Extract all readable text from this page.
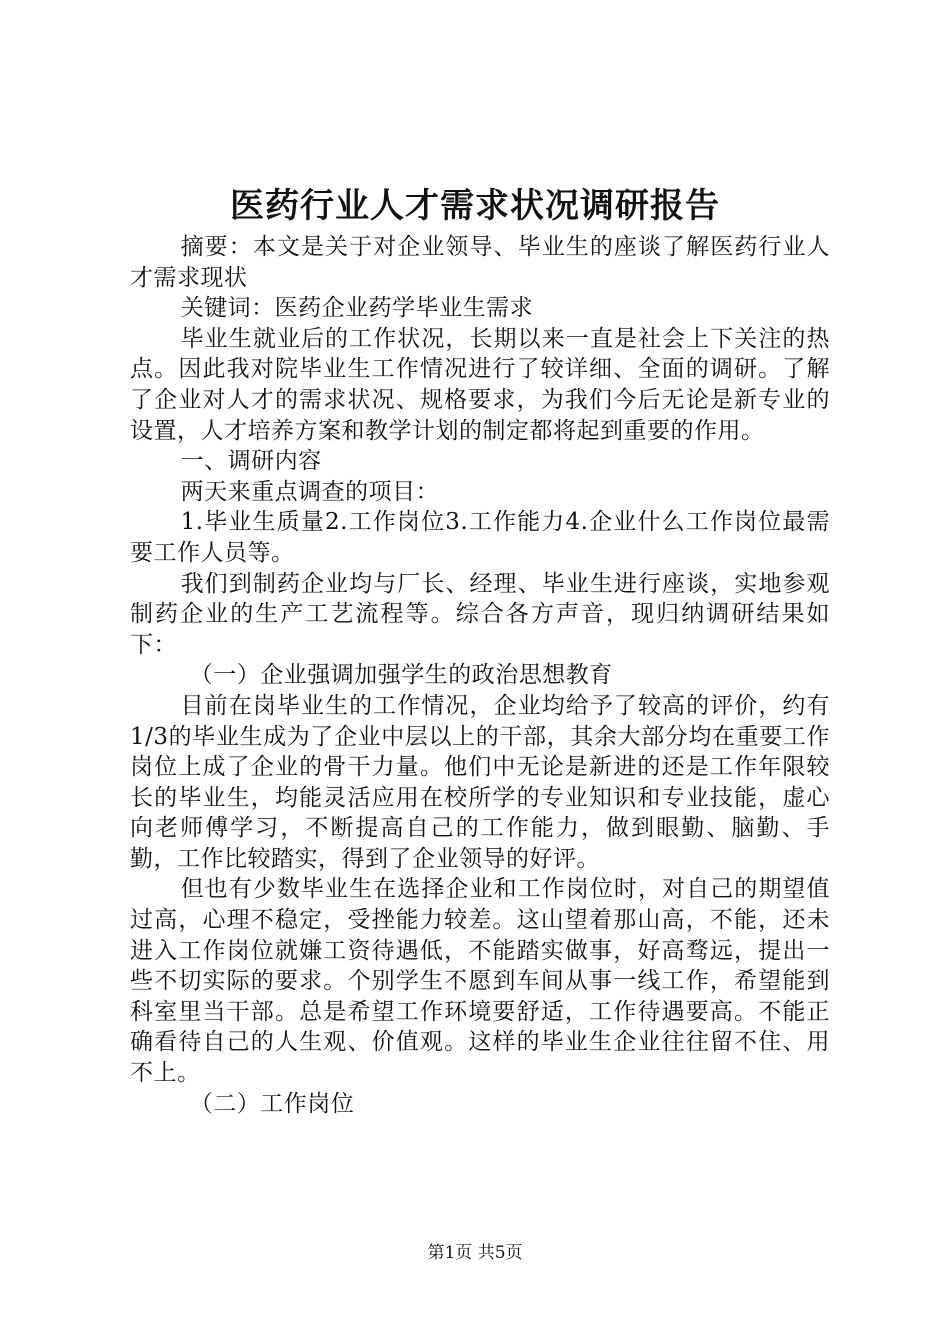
医药行业人才需求状况调研报告

摘要：本文是关于对企业领导、毕业生的座谈了解医药行业人才需求现状

关键词：医药企业药学毕业生需求

毕业生就业后的工作状况，长期以来一直是社会上下关注的热点。因此我对院毕业生工作情况进行了较详细、全面的调研。了解了企业对人才的需求状况、规格要求，为我们今后无论是新专业的设置，人才培养方案和教学计划的制定都将起到重要的作用。

一、调研内容

两天来重点调查的项目：

1.毕业生质量2.工作岗位3.工作能力4.企业什么工作岗位最需要工作人员等。

我们到制药企业均与厂长、经理、毕业生进行座谈，实地参观制药企业的生产工艺流程等。综合各方声音，现归纳调研结果如下：

（一）企业强调加强学生的政治思想教育

目前在岗毕业生的工作情况，企业均给予了较高的评价，约有1/3的毕业生成为了企业中层以上的干部，其余大部分均在重要工作岗位上成了企业的骨干力量。他们中无论是新进的还是工作年限较长的毕业生，均能灵活应用在校所学的专业知识和专业技能，虚心向老师傅学习，不断提高自己的工作能力，做到眼勤、脑勤、手勤，工作比较踏实，得到了企业领导的好评。

但也有少数毕业生在选择企业和工作岗位时，对自己的期望值过高，心理不稳定，受挫能力较差。这山望着那山高，不能，还未进入工作岗位就嫌工资待遇低，不能踏实做事，好高骛远，提出一些不切实际的要求。个别学生不愿到车间从事一线工作，希望能到科室里当干部。总是希望工作环境要舒适，工作待遇要高。不能正确看待自己的人生观、价值观。这样的毕业生企业往往留不住、用不上。

（二）工作岗位

第1页 共5页
